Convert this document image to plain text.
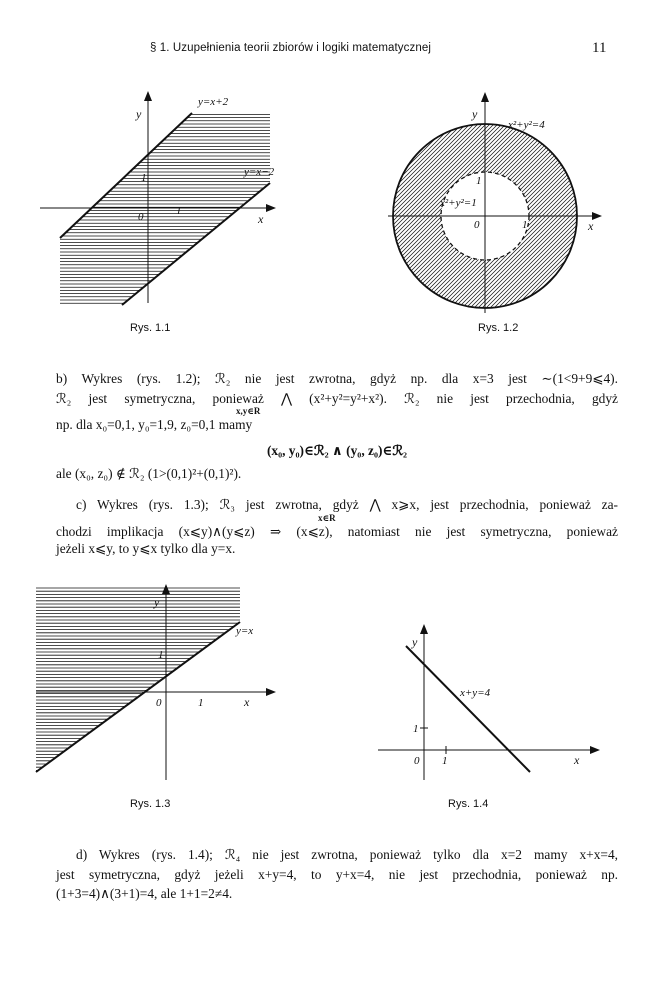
§ 1. Uzupełnienia teorii zbiorów i logiki matematycznej	11
y
x
0	1
1
y=x+2
y=x−2
Rys. 1.1
y
x
0	1
1
x²+y²=4
x²+y²=1
Rys. 1.2
b) Wykres (rys. 1.2); ℛ₂ nie jest zwrotna, gdyż np. dla x=3 jest ∼(1<9+9⩽4).
ℛ₂ jest symetryczna, ponieważ ⋀ (x²+y²=y²+x²). ℛ₂ nie jest przechodnia, gdyż
x,y∈R
np. dla x₀=0,1, y₀=1,9, z₀=0,1 mamy
(x₀, y₀)∈ℛ₂ ∧ (y₀, z₀)∈ℛ₂
ale (x₀, z₀) ∉ ℛ₂ (1>(0,1)²+(0,1)²).
c) Wykres (rys. 1.3); ℛ₃ jest zwrotna, gdyż ⋀ x⩾x, jest przechodnia, ponieważ za-
x∈R
chodzi implikacja (x⩽y)∧(y⩽z) ⇒ (x⩽z), natomiast nie jest symetryczna, ponieważ
jeżeli x⩽y, to y⩽x tylko dla y=x.
y
x
0	1
1
y=x
Rys. 1.3
y
x
0 1
1
x+y=4
Rys. 1.4
d) Wykres (rys. 1.4); ℛ₄ nie jest zwrotna, ponieważ tylko dla x=2 mamy x+x=4,
jest symetryczna, gdyż jeżeli x+y=4, to y+x=4, nie jest przechodnia, ponieważ np.
(1+3=4)∧(3+1)=4, ale 1+1=2≠4.
